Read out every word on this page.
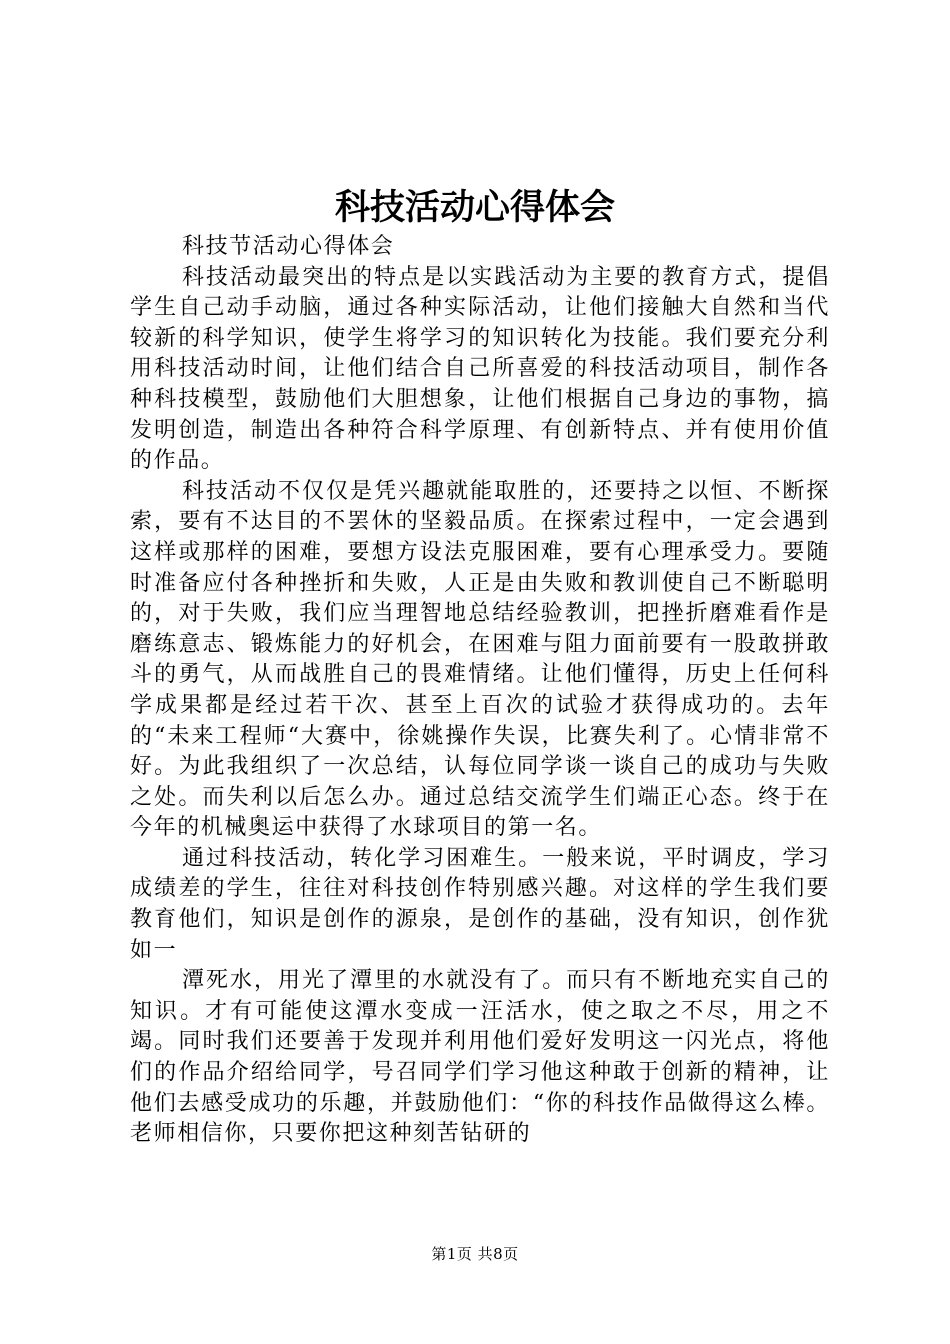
科技活动心得体会

科技节活动心得体会

科技活动最突出的特点是以实践活动为主要的教育方式，提倡学生自己动手动脑，通过各种实际活动，让他们接触大自然和当代较新的科学知识，使学生将学习的知识转化为技能。我们要充分利用科技活动时间，让他们结合自己所喜爱的科技活动项目，制作各种科技模型，鼓励他们大胆想象，让他们根据自己身边的事物，搞发明创造，制造出各种符合科学原理、有创新特点、并有使用价值的作品。

科技活动不仅仅是凭兴趣就能取胜的，还要持之以恒、不断探索，要有不达目的不罢休的坚毅品质。在探索过程中，一定会遇到这样或那样的困难，要想方设法克服困难，要有心理承受力。要随时准备应付各种挫折和失败，人正是由失败和教训使自己不断聪明的，对于失败，我们应当理智地总结经验教训，把挫折磨难看作是磨练意志、锻炼能力的好机会，在困难与阻力面前要有一股敢拼敢斗的勇气，从而战胜自己的畏难情绪。让他们懂得，历史上任何科学成果都是经过若干次、甚至上百次的试验才获得成功的。去年的“未来工程师“大赛中，徐姚操作失误，比赛失利了。心情非常不好。为此我组织了一次总结，认每位同学谈一谈自己的成功与失败之处。而失利以后怎么办。通过总结交流学生们端正心态。终于在今年的机械奥运中获得了水球项目的第一名。

通过科技活动，转化学习困难生。一般来说，平时调皮，学习成绩差的学生，往往对科技创作特别感兴趣。对这样的学生我们要教育他们，知识是创作的源泉，是创作的基础，没有知识，创作犹如一

潭死水，用光了潭里的水就没有了。而只有不断地充实自己的知识。才有可能使这潭水变成一汪活水，使之取之不尽，用之不竭。同时我们还要善于发现并利用他们爱好发明这一闪光点，将他们的作品介绍给同学，号召同学们学习他这种敢于创新的精神，让他们去感受成功的乐趣，并鼓励他们：“你的科技作品做得这么棒。老师相信你，只要你把这种刻苦钻研的

第1页 共8页
